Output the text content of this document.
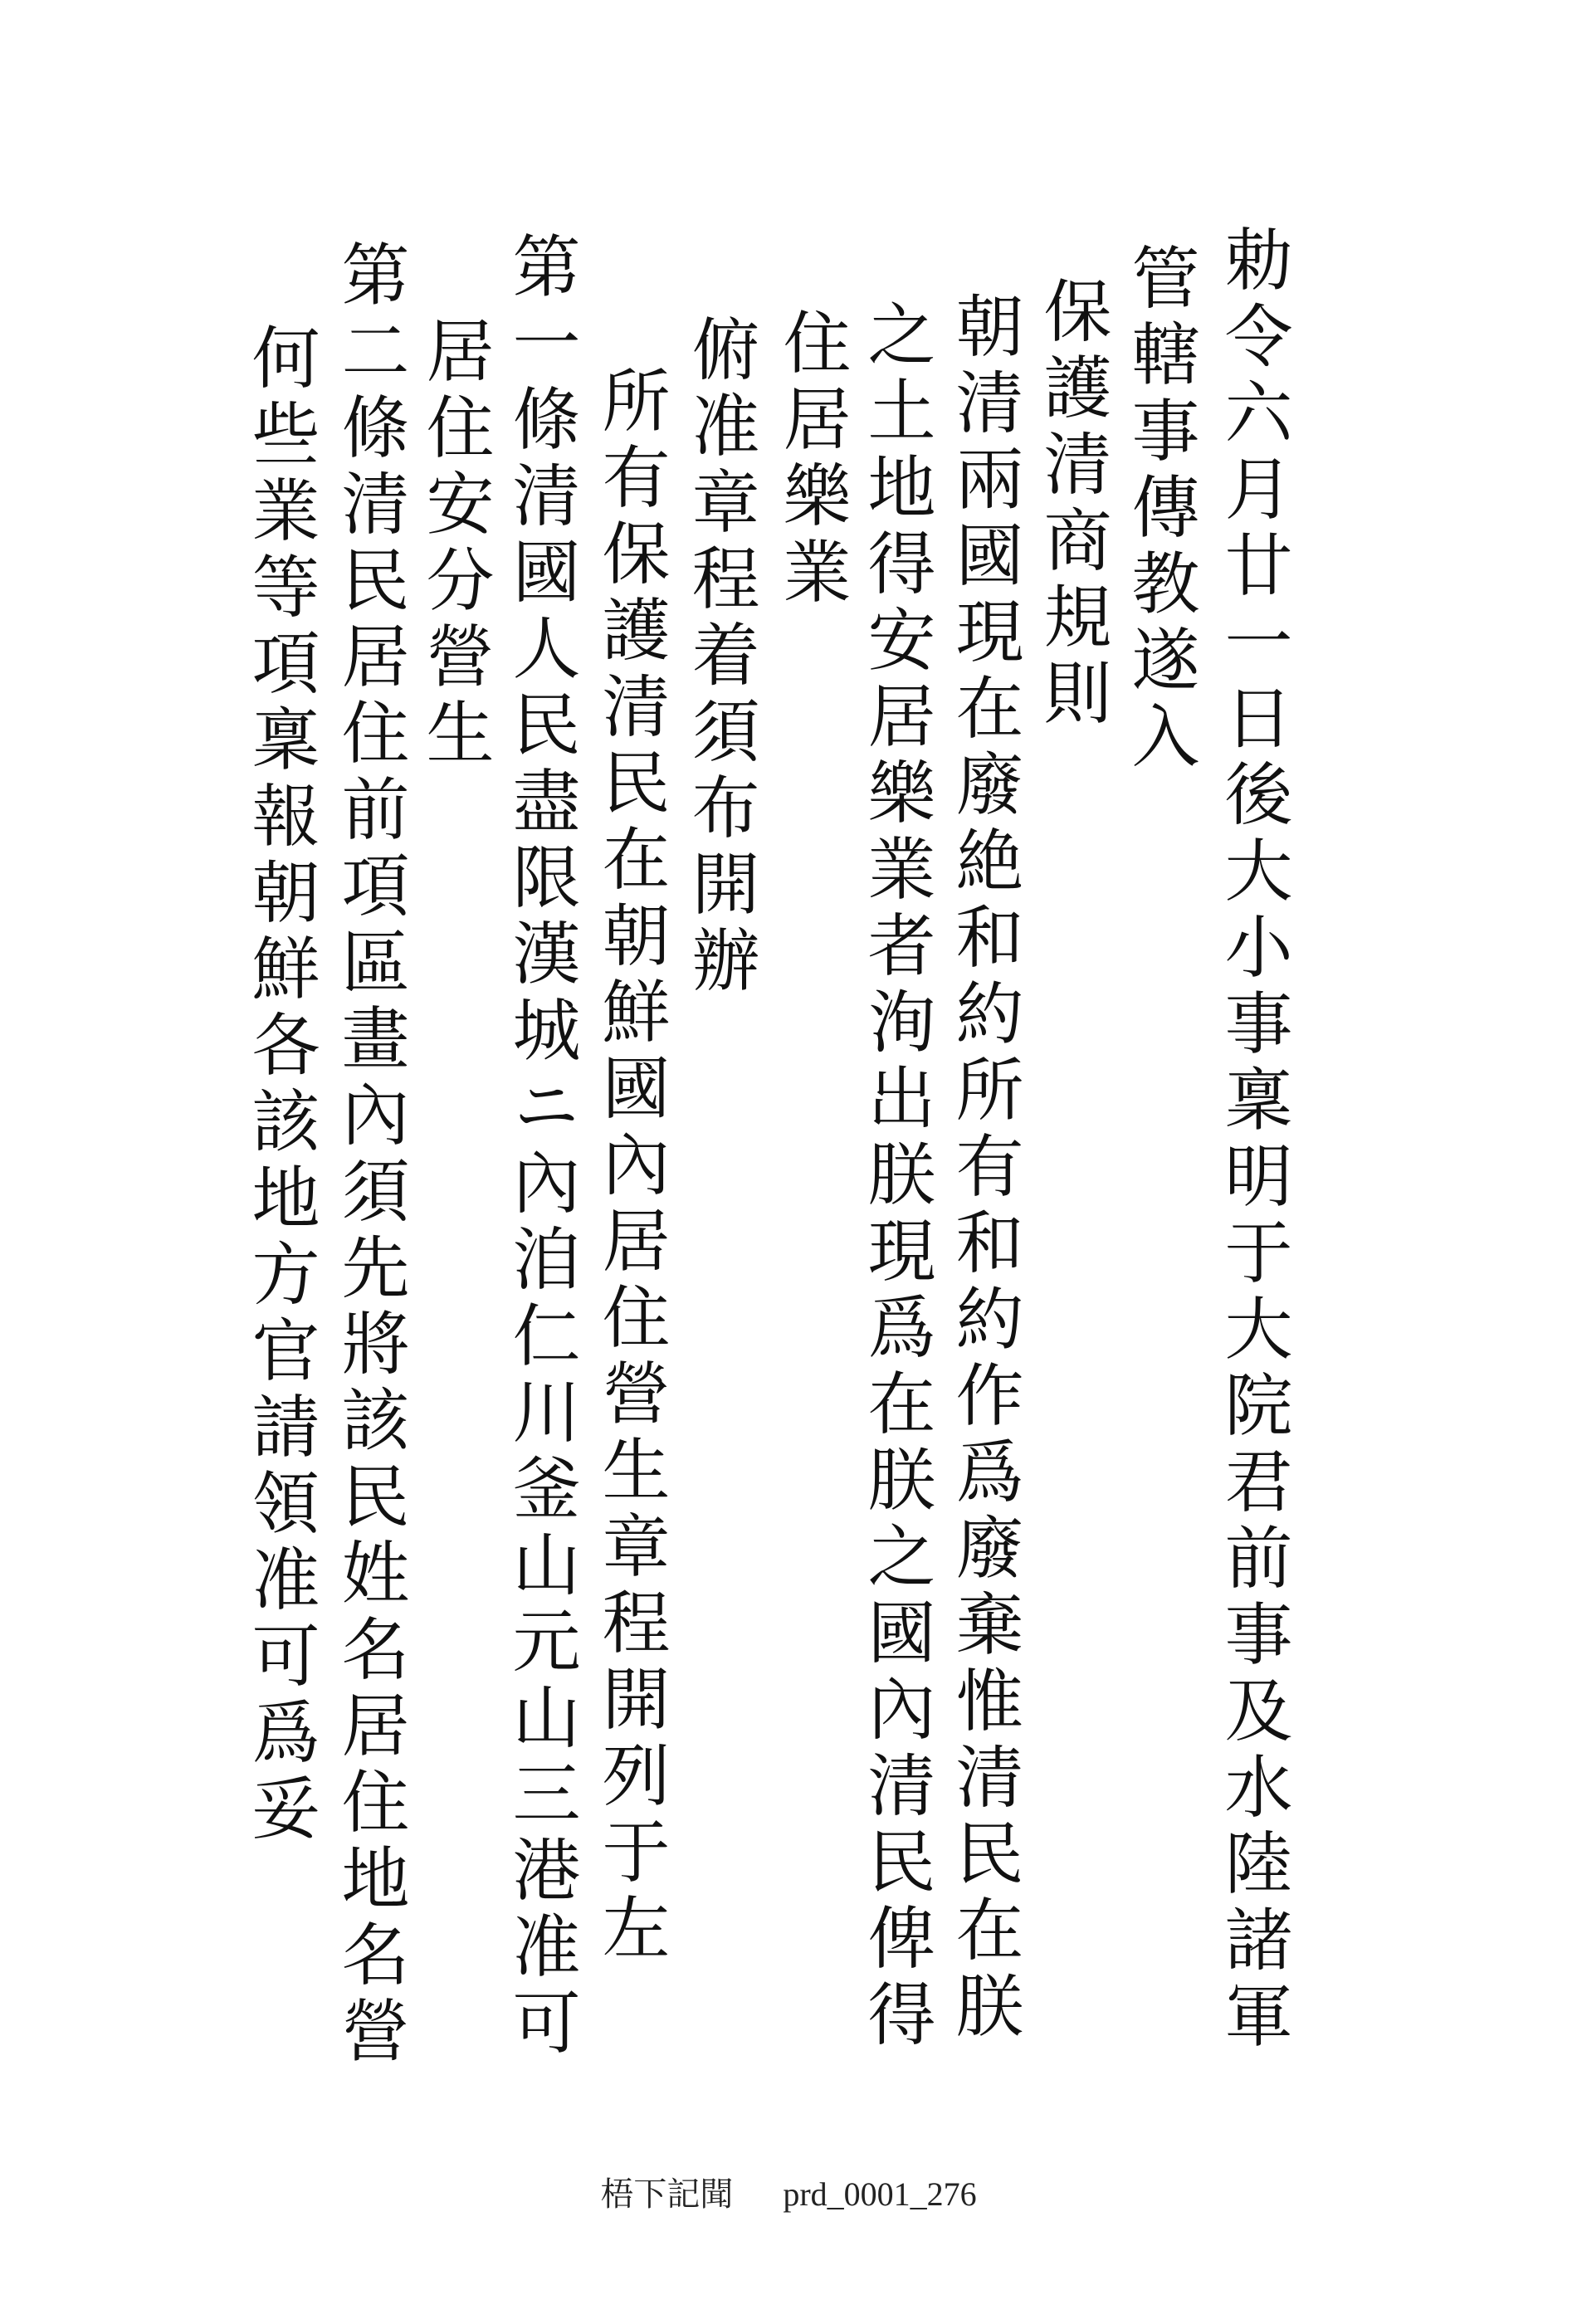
勅令六月廿一日後大小事稟明于大院君前事及水陸諸軍
管轄事傳教遂入
保護清商規則
朝清兩國現在廢絶和約所有和約作爲廢棄惟清民在朕
之土地得安居樂業者洵出朕現爲在朕之國內清民俾得
住居樂業
俯准章程着須布開辦
所有保護清民在朝鮮國內居住營生章程開列于左
第一條清國人民盡限漢城ニ內洎仁川釜山元山三港准可
居住安分營生
第二條清民居住前項區畫內須先將該民姓名居住地名營
何些業等項稟報朝鮮各該地方官請領准可爲妥
梧下記聞 prd_0001_276
